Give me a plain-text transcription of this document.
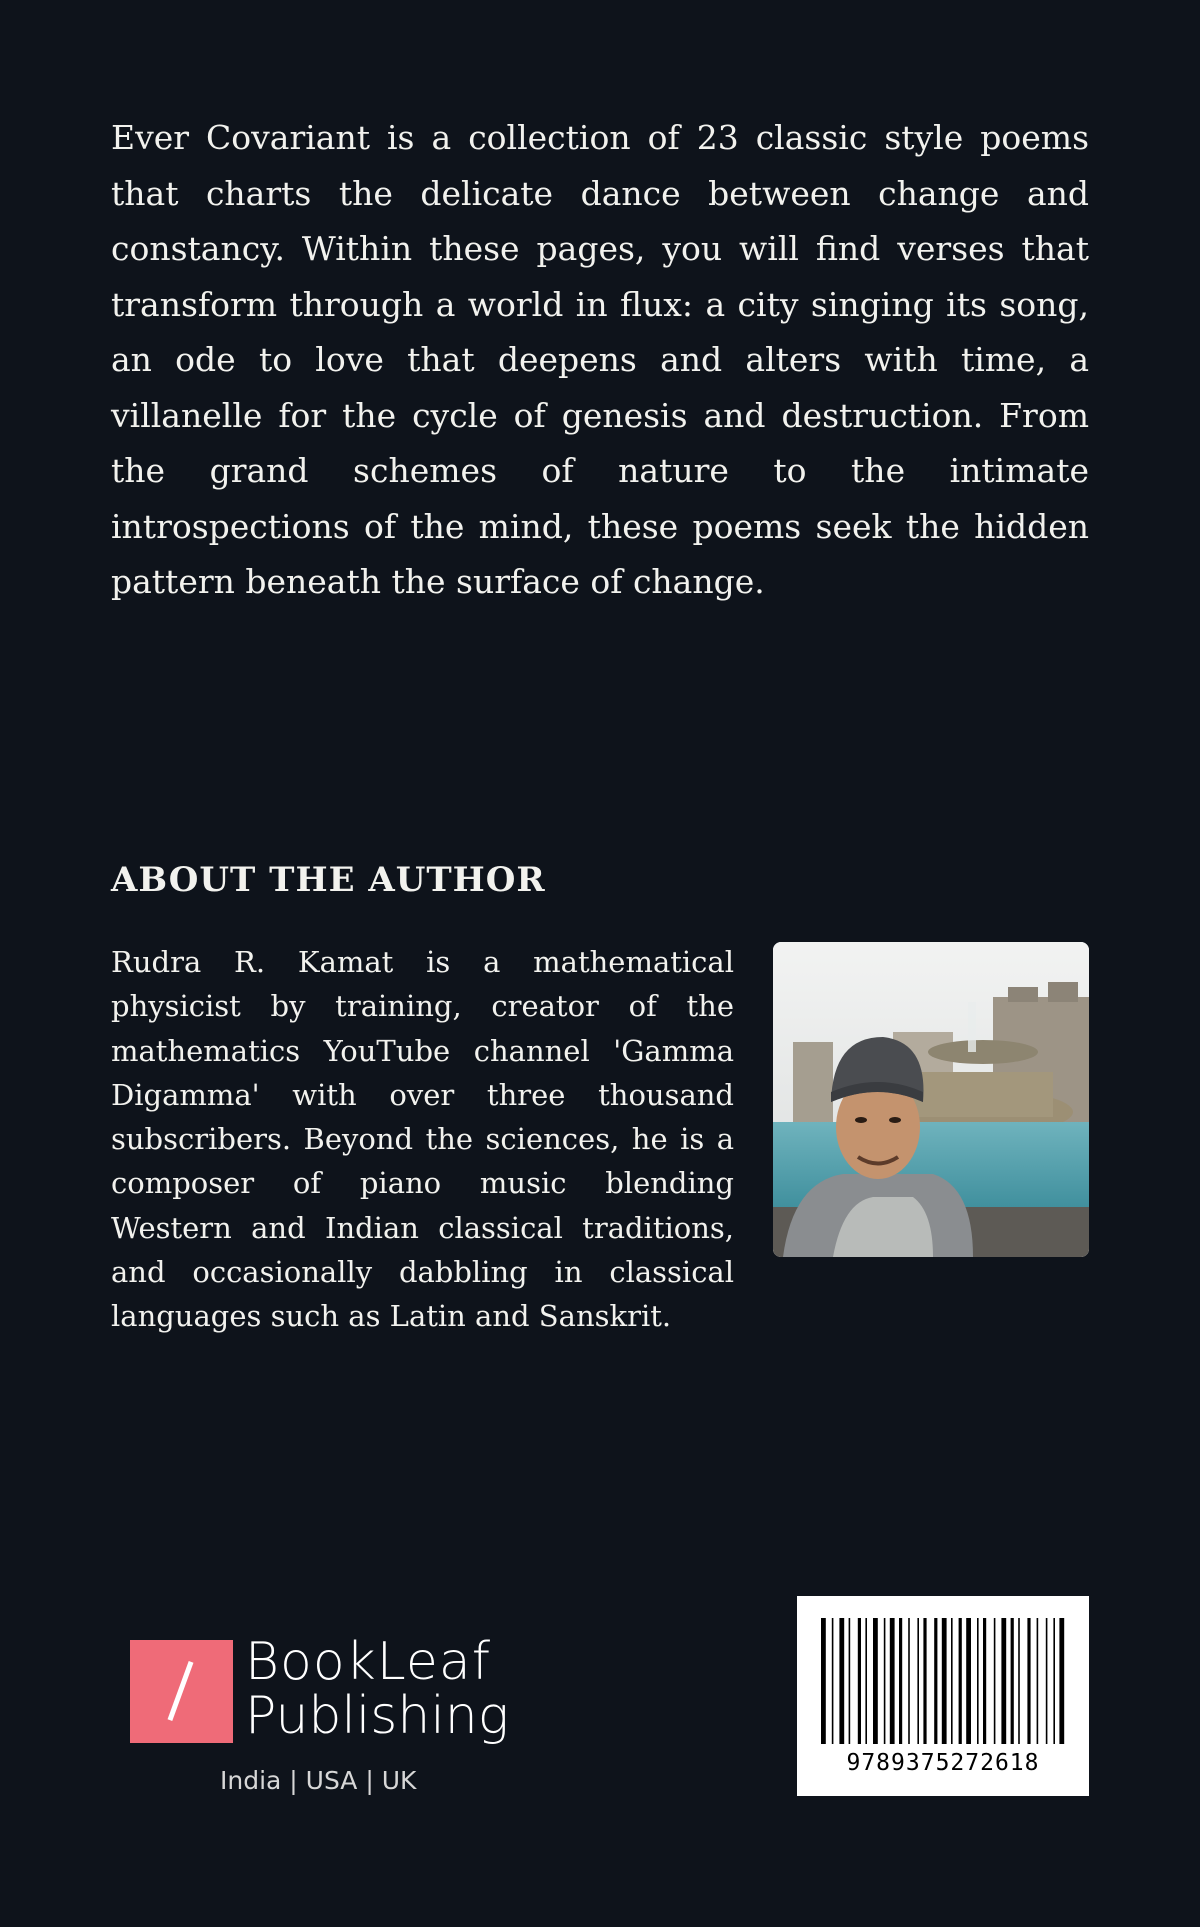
Ever Covariant is a collection of 23 classic style poems that charts the delicate dance between change and constancy. Within these pages, you will find verses that transform through a world in flux: a city singing its song, an ode to love that deepens and alters with time, a villanelle for the cycle of genesis and destruction. From the grand schemes of nature to the intimate introspections of the mind, these poems seek the hidden pattern beneath the surface of change.

ABOUT THE AUTHOR

Rudra R. Kamat is a mathematical physicist by training, creator of the mathematics YouTube channel 'Gamma Digamma' with over three thousand subscribers. Beyond the sciences, he is a composer of piano music blending Western and Indian classical traditions, and occasionally dabbling in classical languages such as Latin and Sanskrit.

BookLeaf
Publishing
India | USA | UK
9789375272618
